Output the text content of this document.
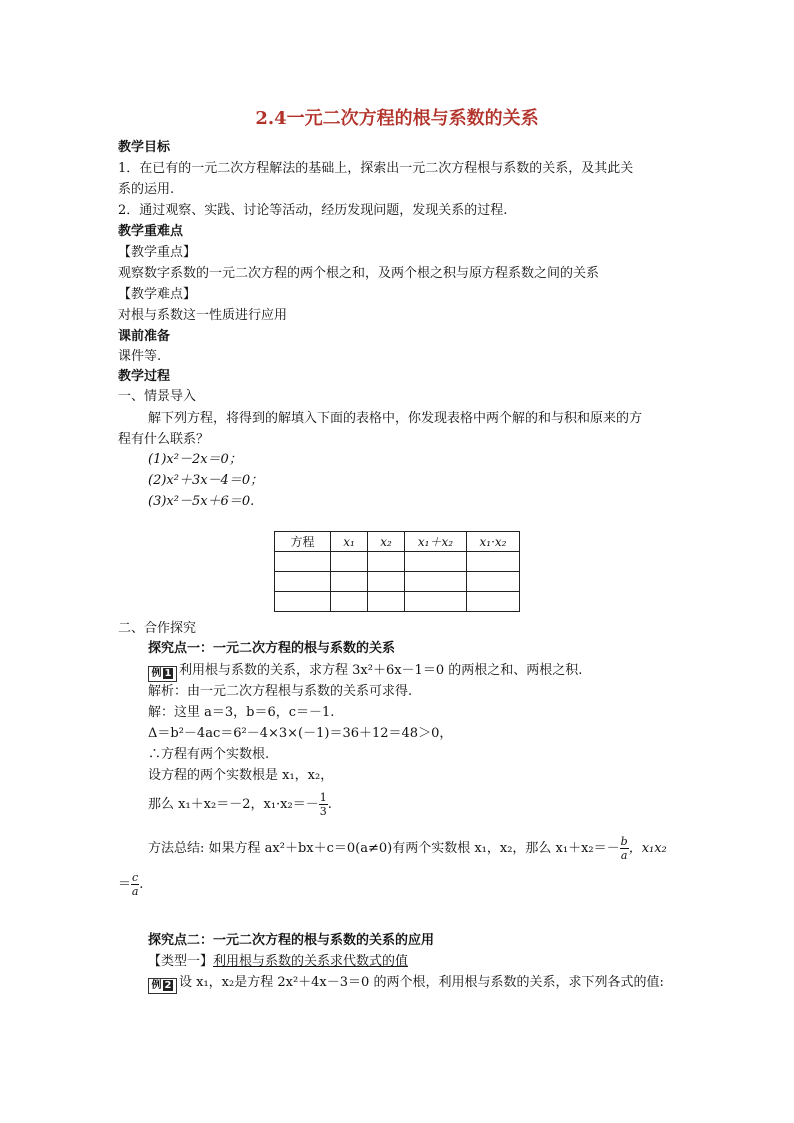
2.4一元二次方程的根与系数的关系
教学目标
1．在已有的一元二次方程解法的基础上，探索出一元二次方程根与系数的关系，及其此关
系的运用.
2．通过观察、实践、讨论等活动，经历发现问题，发现关系的过程.
教学重难点
【教学重点】
观察数字系数的一元二次方程的两个根之和，及两个根之积与原方程系数之间的关系
【教学难点】
对根与系数这一性质进行应用
课前准备
课件等.
教学过程
一、情景导入
解下列方程，将得到的解填入下面的表格中，你发现表格中两个解的和与积和原来的方
程有什么联系？
(1)x²－2x＝0；
(2)x²＋3x－4＝0；
(3)x²－5x＋6＝0.
方程	x₁	x₂	x₁＋x₂	x₁·x₂

二、合作探究
探究点一：一元二次方程的根与系数的关系
例 1 利用根与系数的关系，求方程 3x²＋6x－1＝0 的两根之和、两根之积.
解析：由一元二次方程根与系数的关系可求得.
解：这里 a＝3，b＝6，c＝－1.
Δ＝b²－4ac＝6²－4×3×(－1)＝36＋12＝48＞0，
∴方程有两个实数根.
设方程的两个实数根是 x₁，x₂，
那么 x₁＋x₂＝－2，$x_1\cdot x_2=- \frac{1}{3}$ .
方法总结: 如果方程 ax²＋bx＋c＝0(a≠0)有两个实数根 x₁，x₂，那么 $x_1+x_2=- \frac{b}{a}$ ，x₁x₂
＝ $\frac{c}{a}$ .
探究点二：一元二次方程的根与系数的关系的应用
【类型一】利用根与系数的关系求代数式的值
例 2 设 x₁，x₂是方程 2x²＋4x－3＝0 的两个根，利用根与系数的关系，求下列各式的值:
